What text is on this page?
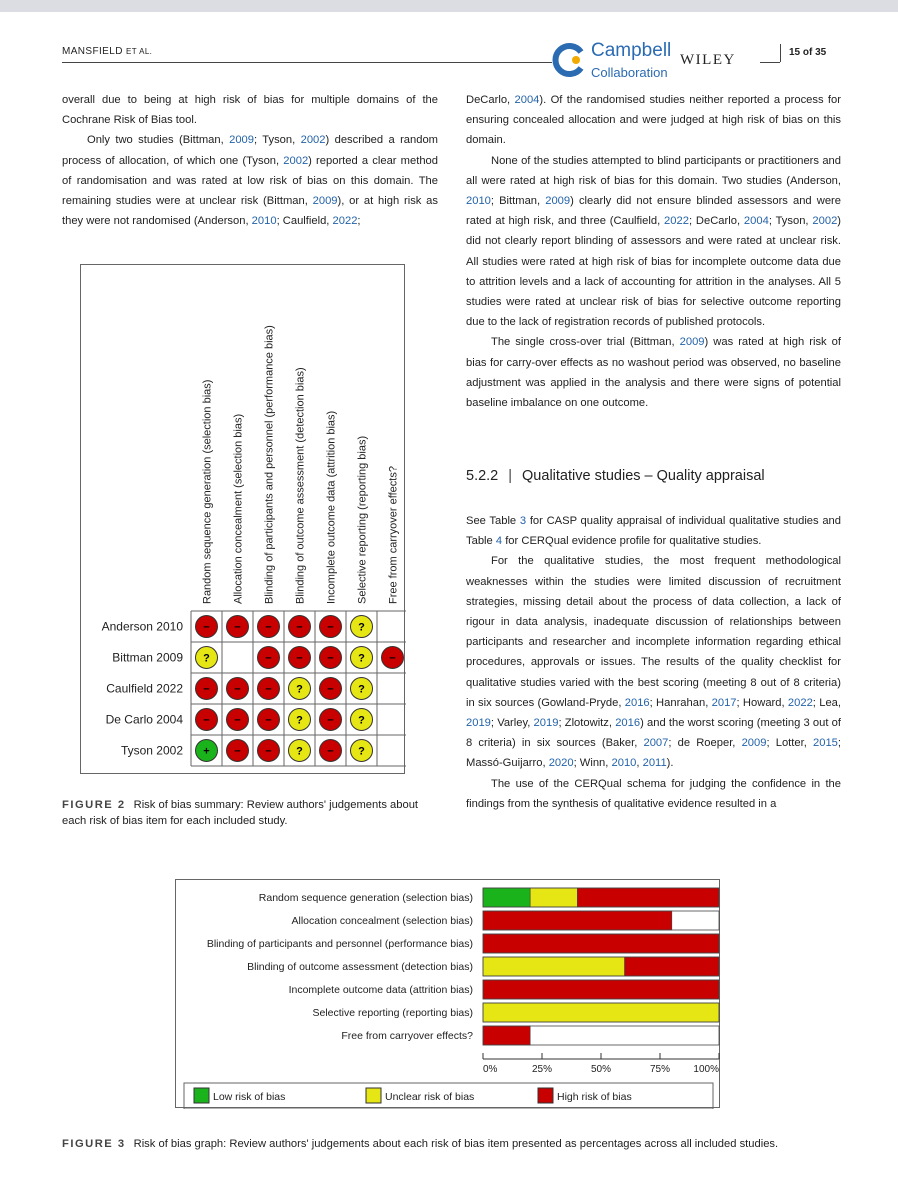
MANSFIELD ET AL.	Campbell
Collaboration
WILEY	15 of 35

overall due to being at high risk of bias for multiple domains of the Cochrane Risk of Bias tool.

Only two studies (Bittman, 2009; Tyson, 2002) described a random process of allocation, of which one (Tyson, 2002) reported a clear method of randomisation and was rated at low risk of bias on this domain. The remaining studies were at unclear risk (Bittman, 2009), or at high risk as they were not randomised (Anderson, 2010; Caulfield, 2022;

DeCarlo, 2004). Of the randomised studies neither reported a process for ensuring concealed allocation and were judged at high risk of bias on this domain.

None of the studies attempted to blind participants or practitioners and all were rated at high risk of bias for this domain. Two studies (Anderson, 2010; Bittman, 2009) clearly did not ensure blinded assessors and were rated at high risk, and three (Caulfield, 2022; DeCarlo, 2004; Tyson, 2002) did not clearly report blinding of assessors and were rated at unclear risk. All studies were rated at high risk of bias for incomplete outcome data due to attrition levels and a lack of accounting for attrition in the analyses. All 5 studies were rated at unclear risk of bias for selective outcome reporting due to the lack of registration records of published protocols.

The single cross-over trial (Bittman, 2009) was rated at high risk of bias for carry-over effects as no washout period was observed, no baseline adjustment was applied in the analysis and there were signs of potential baseline imbalance on one outcome.

5.2.2 | Qualitative studies – Quality appraisal

See Table 3 for CASP quality appraisal of individual qualitative studies and Table 4 for CERQual evidence profile for qualitative studies.

For the qualitative studies, the most frequent methodological weaknesses within the studies were limited discussion of recruitment strategies, missing detail about the process of data collection, a lack of rigour in data analysis, inadequate discussion of relationships between participants and researcher and incomplete information regarding ethical procedures, approvals or issues. The results of the quality checklist for qualitative studies varied with the best scoring (meeting 8 out of 8 criteria) in six sources (Gowland-Pryde, 2016; Hanrahan, 2017; Howard, 2022; Lea, 2019; Varley, 2019; Zlotowitz, 2016) and the worst scoring (meeting 3 out of 8 criteria) in six sources (Baker, 2007; de Roeper, 2009; Lotter, 2015; Massó-Guijarro, 2020; Winn, 2010, 2011).

The use of the CERQual schema for judging the confidence in the findings from the synthesis of qualitative evidence resulted in a

Random sequence generation (selection bias) Allocation concealment (selection bias) Blinding of participants and personnel (performance bias) Blinding of outcome assessment (detection bias) Incomplete outcome data (attrition bias) Selective reporting (reporting bias) Free from carryover effects?
Anderson 2010 − − − − − ?
Bittman 2009 ?	− − − ? −
Caulfield 2022 − − − ? − ?
De Carlo 2004 − − − ? − ?
Tyson 2002 + − − ? − ?
FIGURE 2 Risk of bias summary: Review authors' judgements about each risk of bias item for each included study.
Random sequence generation (selection bias)
Allocation concealment (selection bias)
Blinding of participants and personnel (performance bias)
Blinding of outcome assessment (detection bias)
Incomplete outcome data (attrition bias)
Selective reporting (reporting bias)
Free from carryover effects?
0%	25%	50%	75% 100%
Low risk of bias	Unclear risk of bias	High risk of bias
FIGURE 3 Risk of bias graph: Review authors' judgements about each risk of bias item presented as percentages across all included studies.
